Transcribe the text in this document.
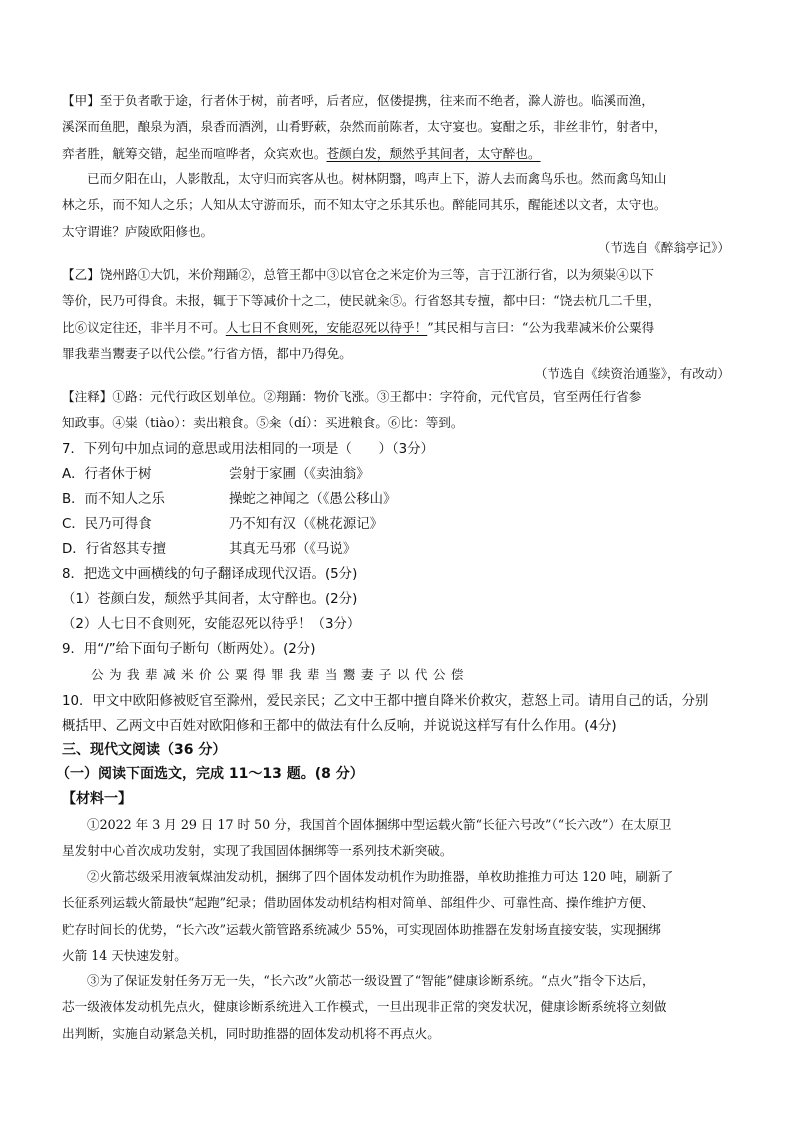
【甲】至于负者歌于途，行者休于树，前者呼，后者应，伛偻提携，往来而不绝者，滁人游也。临溪而渔，
溪深而鱼肥，酿泉为酒，泉香而酒洌，山肴野蔌，杂然而前陈者，太守宴也。宴酣之乐，非丝非竹，射者中，
弈者胜，觥筹交错，起坐而喧哗者，众宾欢也。苍颜白发，颓然乎其间者，太守醉也。

已而夕阳在山，人影散乱，太守归而宾客从也。树林阴翳，鸣声上下，游人去而禽鸟乐也。然而禽鸟知山
林之乐，而不知人之乐；人知从太守游而乐，而不知太守之乐其乐也。醉能同其乐，醒能述以文者，太守也。
太守谓谁？庐陵欧阳修也。

（节选自《醉翁亭记》）

【乙】饶州路①大饥，米价翔踊②，总管王都中③以官仓之米定价为三等，言于江浙行省，以为须粜④以下
等价，民乃可得食。未报，辄于下等减价十之二，使民就籴⑤。行省怒其专擅，都中曰：“饶去杭几二千里，
比⑥议定往还，非半月不可。人七日不食则死，安能忍死以待乎！”其民相与言曰：“公为我辈减米价公粟得
罪我辈当鬻妻子以代公偿。”行省方悟，都中乃得免。

（节选自《续资治通鉴》，有改动）

【注释】①路：元代行政区划单位。②翔踊：物价飞涨。③王都中：字符俞，元代官员，官至两任行省参
知政事。④粜（tiào）：卖出粮食。⑤籴（dí）：买进粮食。⑥比：等到。

7．下列句中加点词的意思或用法相同的一项是（　　）（3分）
A．行者休于树	尝射于家圃（《卖油翁》
B．而不知人之乐	操蛇之神闻之（《愚公移山》
C．民乃可得食	乃不知有汉（《桃花源记》
D．行省怒其专擅	其真无马邪（《马说》
8．把选文中画横线的句子翻译成现代汉语。(5分)
（1）苍颜白发，颓然乎其间者，太守醉也。(2分)
（2）人七日不食则死，安能忍死以待乎！（3分）
9．用“/”给下面句子断句（断两处）。(2分)
公为我辈减米价公粟得罪我辈当鬻妻子以代公偿
10．甲文中欧阳修被贬官至滁州，爱民亲民；乙文中王都中擅自降米价救灾，惹怒上司。请用自己的话，分别
概括甲、乙两文中百姓对欧阳修和王都中的做法有什么反响，并说说这样写有什么作用。(4分)
三、现代文阅读（36 分）
（一）阅读下面选文，完成 11～13 题。(8 分）
【材料一】

①2022 年 3 月 29 日 17 时 50 分，我国首个固体捆绑中型运载火箭“长征六号改”（“长六改”）在太原卫
星发射中心首次成功发射，实现了我国固体捆绑等一系列技术新突破。

②火箭芯级采用液氧煤油发动机，捆绑了四个固体发动机作为助推器，单枚助推推力可达 120 吨，刷新了
长征系列运载火箭最快“起跑”纪录；借助固体发动机结构相对简单、部组件少、可靠性高、操作维护方便、
贮存时间长的优势，“长六改”运载火箭管路系统减少 55%，可实现固体助推器在发射场直接安装，实现捆绑
火箭 14 天快速发射。

③为了保证发射任务万无一失，“长六改”火箭芯一级设置了“智能”健康诊断系统。“点火”指令下达后，
芯一级液体发动机先点火，健康诊断系统进入工作模式，一旦出现非正常的突发状况，健康诊断系统将立刻做
出判断，实施自动紧急关机，同时助推器的固体发动机将不再点火。
